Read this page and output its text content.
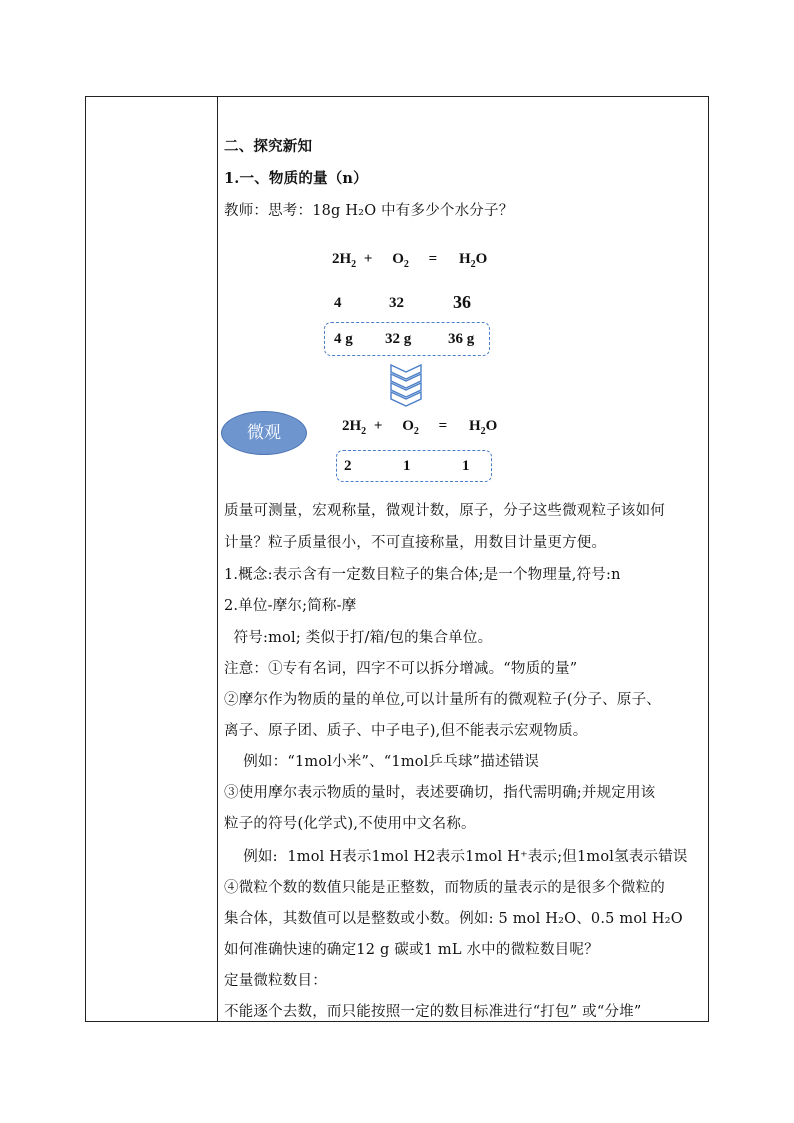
二、探究新知
1.一、物质的量（n）
教师：思考：18g H₂O 中有多少个水分子？
$2H_2 + O_2 = H_2O$
4	32	36
4 g 32 g 36 g
微观	$2H_2 + O_2 = H_2O$
2	1	1
质量可测量，宏观称量，微观计数，原子，分子这些微观粒子该如何
计量？粒子质量很小，不可直接称量，用数目计量更方便。
1.概念:表示含有一定数目粒子的集合体;是一个物理量,符号:n
2.单位-摩尔;简称-摩
符号:mol; 类似于打/箱/包的集合单位。
注意：①专有名词，四字不可以拆分增减。“物质的量”
②摩尔作为物质的量的单位,可以计量所有的微观粒子(分子、原子、
离子、原子团、质子、中子电子),但不能表示宏观物质。
例如：“1mol小米”、“1mol乒乓球”描述错误
③使用摩尔表示物质的量时，表述要确切，指代需明确;并规定用该
粒子的符号(化学式),不使用中文名称。
例如:  1mol H表示1mol H2表示1mol H⁺表示;但1mol氢表示错误
④微粒个数的数值只能是正整数，而物质的量表示的是很多个微粒的
集合体，其数值可以是整数或小数。例如: 5 mol H₂O、0.5 mol H₂O
如何准确快速的确定12 g 碳或1 mL 水中的微粒数目呢？
定量微粒数目：
不能逐个去数，而只能按照一定的数目标准进行“打包” 或“分堆”
